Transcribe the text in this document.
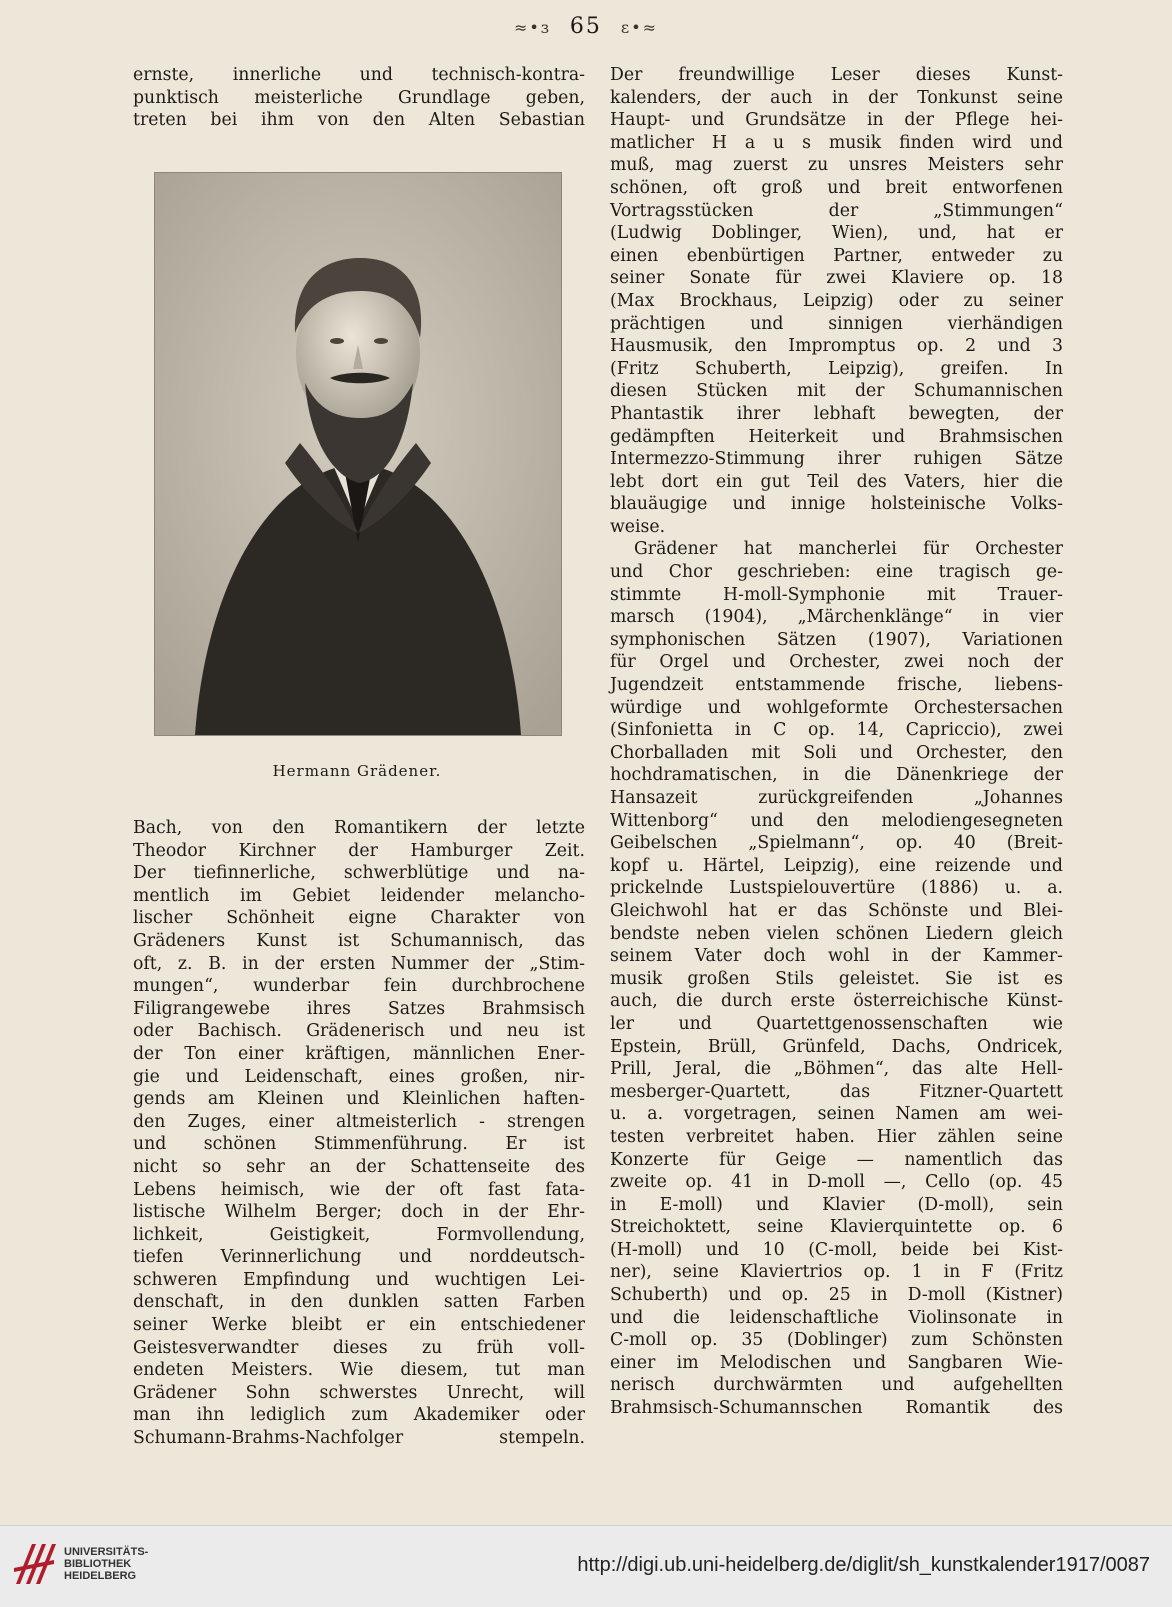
≈•ɜ 65 ɛ•≈

ernste, innerliche und technisch-kontra-

punktisch meisterliche Grundlage geben,

treten bei ihm von den Alten Sebastian

Hermann Grädener.

Bach, von den Romantikern der letzte

Theodor Kirchner der Hamburger Zeit.

Der tiefinnerliche, schwerblütige und na-

mentlich im Gebiet leidender melancho-

lischer Schönheit eigne Charakter von

Grädeners Kunst ist Schumannisch, das

oft, z. B. in der ersten Nummer der „Stim-

mungen“, wunderbar fein durchbrochene

Filigrangewebe ihres Satzes Brahmsisch

oder Bachisch. Grädenerisch und neu ist

der Ton einer kräftigen, männlichen Ener-

gie und Leidenschaft, eines großen, nir-

gends am Kleinen und Kleinlichen haften-

den Zuges, einer altmeisterlich - strengen

und schönen Stimmenführung. Er ist

nicht so sehr an der Schattenseite des

Lebens heimisch, wie der oft fast fata-

listische Wilhelm Berger; doch in der Ehr-

lichkeit, Geistigkeit, Formvollendung,

tiefen Verinnerlichung und norddeutsch-

schweren Empfindung und wuchtigen Lei-

denschaft, in den dunklen satten Farben

seiner Werke bleibt er ein entschiedener

Geistesverwandter dieses zu früh voll-

endeten Meisters. Wie diesem, tut man

Grädener Sohn schwerstes Unrecht, will

man ihn lediglich zum Akademiker oder

Schumann-Brahms-Nachfolger stempeln.

Der freundwillige Leser dieses Kunst-

kalenders, der auch in der Tonkunst seine

Haupt- und Grundsätze in der Pflege hei-

matlicher H a u s musik finden wird und

muß, mag zuerst zu unsres Meisters sehr

schönen, oft groß und breit entworfenen

Vortragsstücken der „Stimmungen“

(Ludwig Doblinger, Wien), und, hat er

einen ebenbürtigen Partner, entweder zu

seiner Sonate für zwei Klaviere op. 18

(Max Brockhaus, Leipzig) oder zu seiner

prächtigen und sinnigen vierhändigen

Hausmusik, den Impromptus op. 2 und 3

(Fritz Schuberth, Leipzig), greifen. In

diesen Stücken mit der Schumannischen

Phantastik ihrer lebhaft bewegten, der

gedämpften Heiterkeit und Brahmsischen

Intermezzo-Stimmung ihrer ruhigen Sätze

lebt dort ein gut Teil des Vaters, hier die

blauäugige und innige holsteinische Volks-

weise.

Grädener hat mancherlei für Orchester

und Chor geschrieben: eine tragisch ge-

stimmte H-moll-Symphonie mit Trauer-

marsch (1904), „Märchenklänge“ in vier

symphonischen Sätzen (1907), Variationen

für Orgel und Orchester, zwei noch der

Jugendzeit entstammende frische, liebens-

würdige und wohlgeformte Orchestersachen

(Sinfonietta in C op. 14, Capriccio), zwei

Chorballaden mit Soli und Orchester, den

hochdramatischen, in die Dänenkriege der

Hansazeit zurückgreifenden „Johannes

Wittenborg“ und den melodiengesegneten

Geibelschen „Spielmann“, op. 40 (Breit-

kopf u. Härtel, Leipzig), eine reizende und

prickelnde Lustspielouvertüre (1886) u. a.

Gleichwohl hat er das Schönste und Blei-

bendste neben vielen schönen Liedern gleich

seinem Vater doch wohl in der Kammer-

musik großen Stils geleistet. Sie ist es

auch, die durch erste österreichische Künst-

ler und Quartettgenossenschaften wie

Epstein, Brüll, Grünfeld, Dachs, Ondricek,

Prill, Jeral, die „Böhmen“, das alte Hell-

mesberger-Quartett, das Fitzner-Quartett

u. a. vorgetragen, seinen Namen am wei-

testen verbreitet haben. Hier zählen seine

Konzerte für Geige — namentlich das

zweite op. 41 in D-moll —, Cello (op. 45

in E-moll) und Klavier (D-moll), sein

Streichoktett, seine Klavierquintette op. 6

(H-moll) und 10 (C-moll, beide bei Kist-

ner), seine Klaviertrios op. 1 in F (Fritz

Schuberth) und op. 25 in D-moll (Kistner)

und die leidenschaftliche Violinsonate in

C-moll op. 35 (Doblinger) zum Schönsten

einer im Melodischen und Sangbaren Wie-

nerisch durchwärmten und aufgehellten

Brahmsisch-Schumannschen Romantik des

UNIVERSITÄTS-
BIBLIOTHEK
HEIDELBERG	http://digi.ub.uni-heidelberg.de/diglit/sh_kunstkalender1917/0087
